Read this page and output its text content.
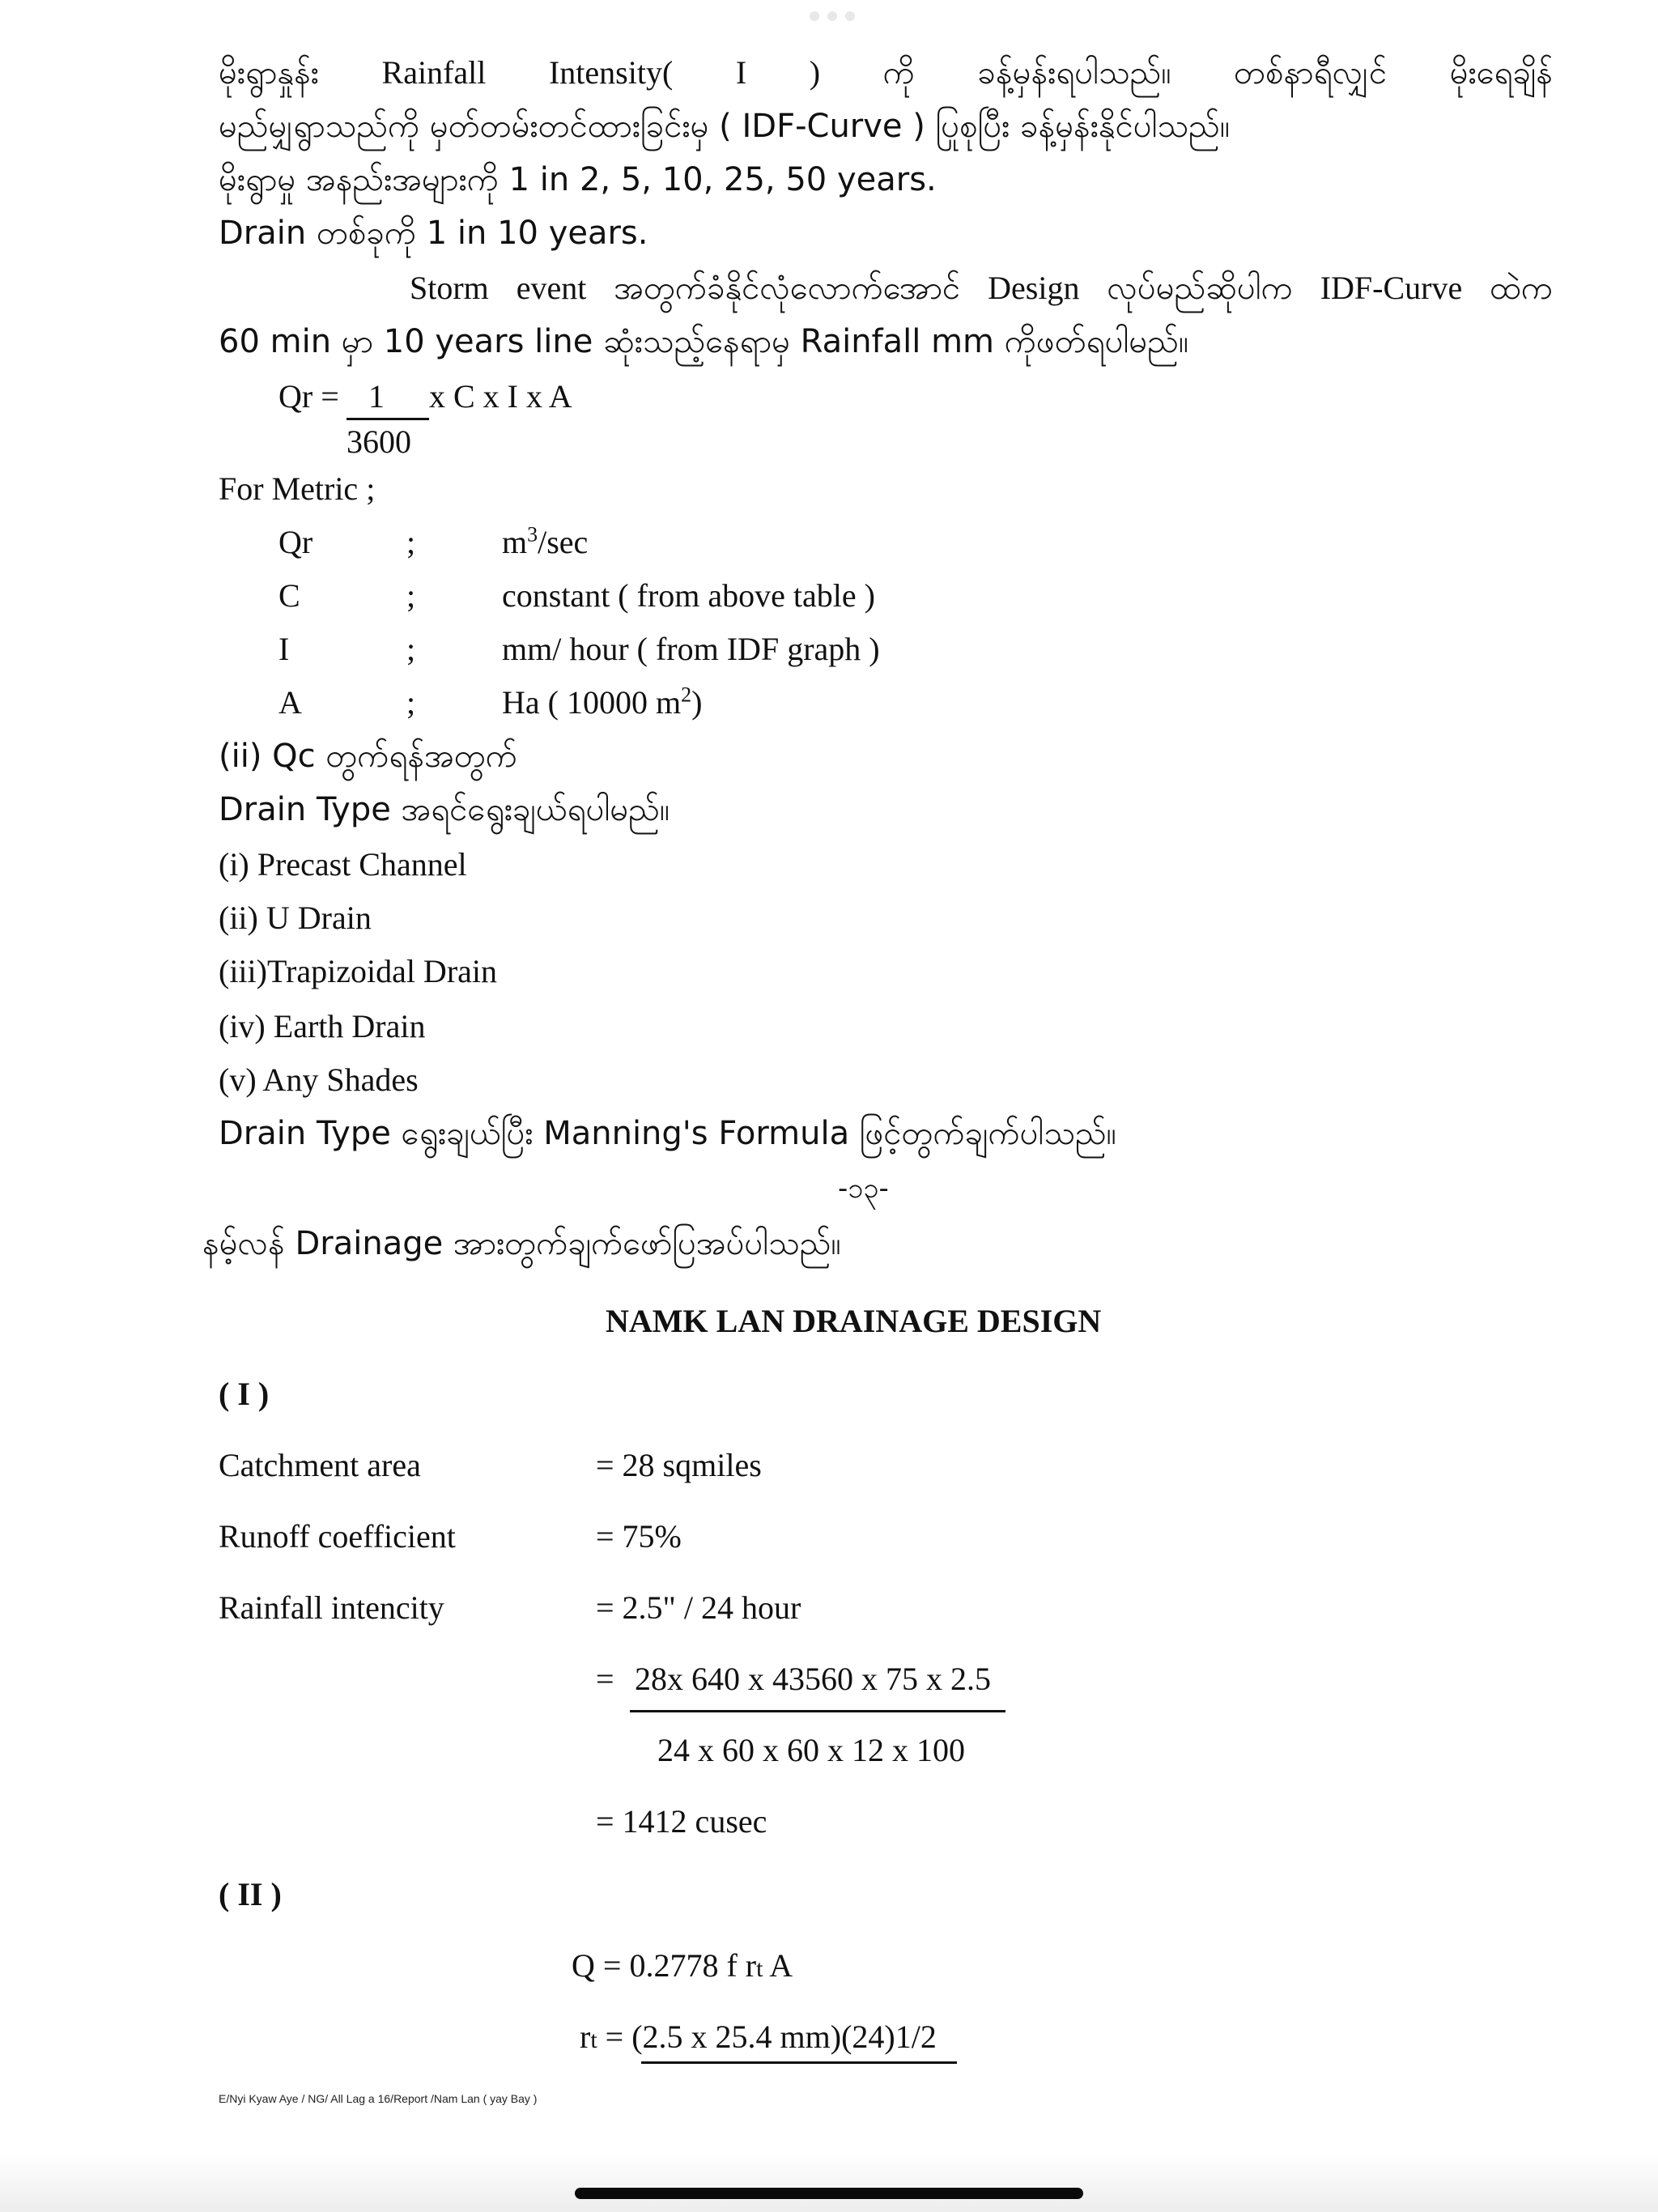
မိုးရွာနှုန်း Rainfall Intensity( I ) ကို ခန့်မှန်းရပါသည်။ တစ်နာရီလျှင် မိုးရေချိန်
မည်မျှရွာသည်ကို မှတ်တမ်းတင်ထားခြင်းမှ ( IDF-Curve ) ပြုစုပြီး ခန့်မှန်းနိုင်ပါသည်။
မိုးရွာမှု အနည်းအများကို 1 in 2, 5, 10, 25, 50 years.
Drain တစ်ခုကို 1 in 10 years.
Storm event အတွက်ခံနိုင်လုံလောက်အောင် Design လုပ်မည်ဆိုပါက IDF-Curve ထဲက
60 min မှာ 10 years line ဆုံးသည့်နေရာမှ Rainfall mm ကိုဖတ်ရပါမည်။
Qr = 1 x C x I x A
3600
For Metric ;
Qr	;	$m^3/\sec$
C	;	constant ( from above table )
I	;	mm/ hour ( from IDF graph )
A	;	Ha ( 10000 $m^2$)
(ii) Qc တွက်ရန်အတွက်
Drain Type အရင်ရွေးချယ်ရပါမည်။
(i) Precast Channel
(ii) U Drain
(iii)Trapizoidal Drain
(iv) Earth Drain
(v) Any Shades
Drain Type ရွေးချယ်ပြီး Manning's Formula ဖြင့်တွက်ချက်ပါသည်။
-၁၃-
နမ့်လန် Drainage အားတွက်ချက်ဖော်ပြအပ်ပါသည်။
NAMK LAN DRAINAGE DESIGN
( I )
Catchment area	= 28 sqmiles
Runoff coefficient	= 75%
Rainfall intencity	= 2.5" / 24 hour
= 28x 640 x 43560 x 75 x 2.5
24 x 60 x 60 x 12 x 100
= 1412 cusec
( II )
Q = 0.2778 f rt A
rt = (2.5 x 25.4 mm)(24)1/2
E/Nyi Kyaw Aye / NG/ All Lag a 16/Report /Nam Lan ( yay Bay )
